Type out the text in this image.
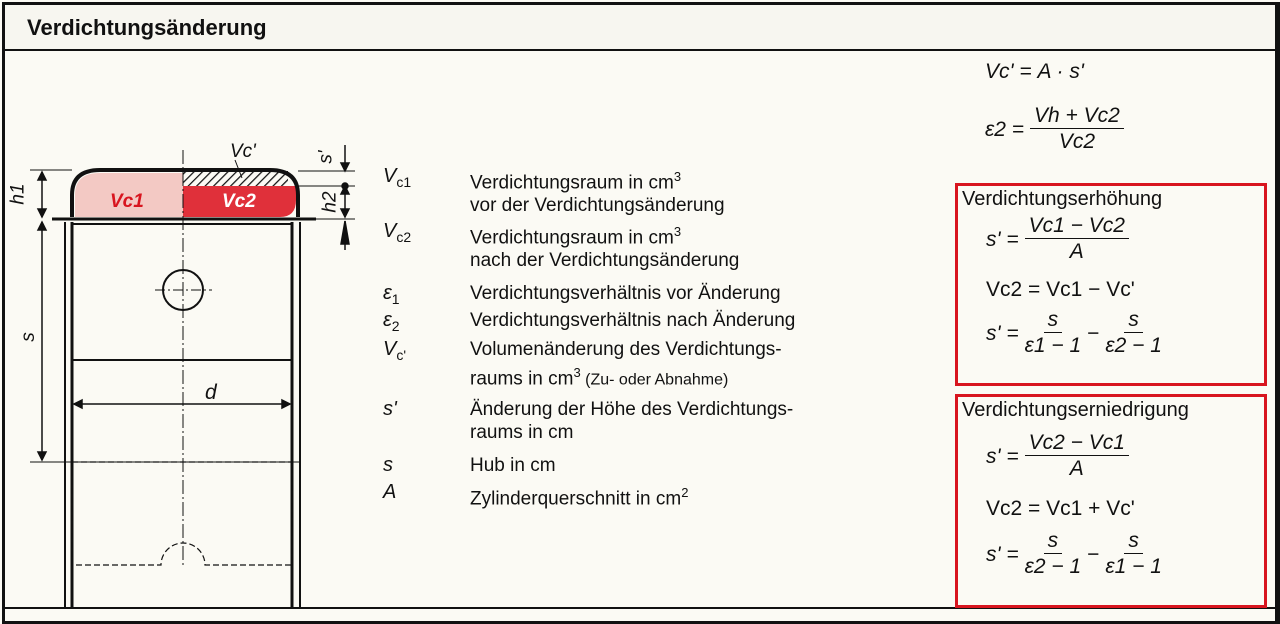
Verdichtungsänderung
Vc1	Vc2
Vc'
h1	h2
s
s'
d
$V_{c1}$	Verdichtungsraum in $cm^3$
vor der Verdichtungsänderung
$V_{c2}$	Verdichtungsraum in $cm^3$
nach der Verdichtungsänderung
$\varepsilon_1$	Verdichtungsverhältnis vor Änderung
$\varepsilon_2$	Verdichtungsverhältnis nach Änderung
$V_{c'}$	Volumenänderung des Verdichtungs-
raums in $cm^3$ (Zu- oder Abnahme)
s'	Änderung der Höhe des Verdichtungs-
raums in cm
s	Hub in cm
A	Zylinderquerschnitt in $cm^2$
Vc' =
A · s'
$\varepsilon 2 = \frac{Vh + Vc2}{Vc2}$
Verdichtungserhöhung
$s' = \frac{Vc1 - Vc2}{A}$
Vc2 = Vc1 − Vc'
$s' = \frac{s}{\varepsilon 1 - 1} - \frac{s}{\varepsilon 2 - 1}$
Verdichtungserniedrigung
$s' = \frac{Vc2 - Vc1}{A}$
Vc2 = Vc1 + Vc'
$s' = \frac{s}{\varepsilon 2 - 1} - \frac{s}{\varepsilon 1 - 1}$
